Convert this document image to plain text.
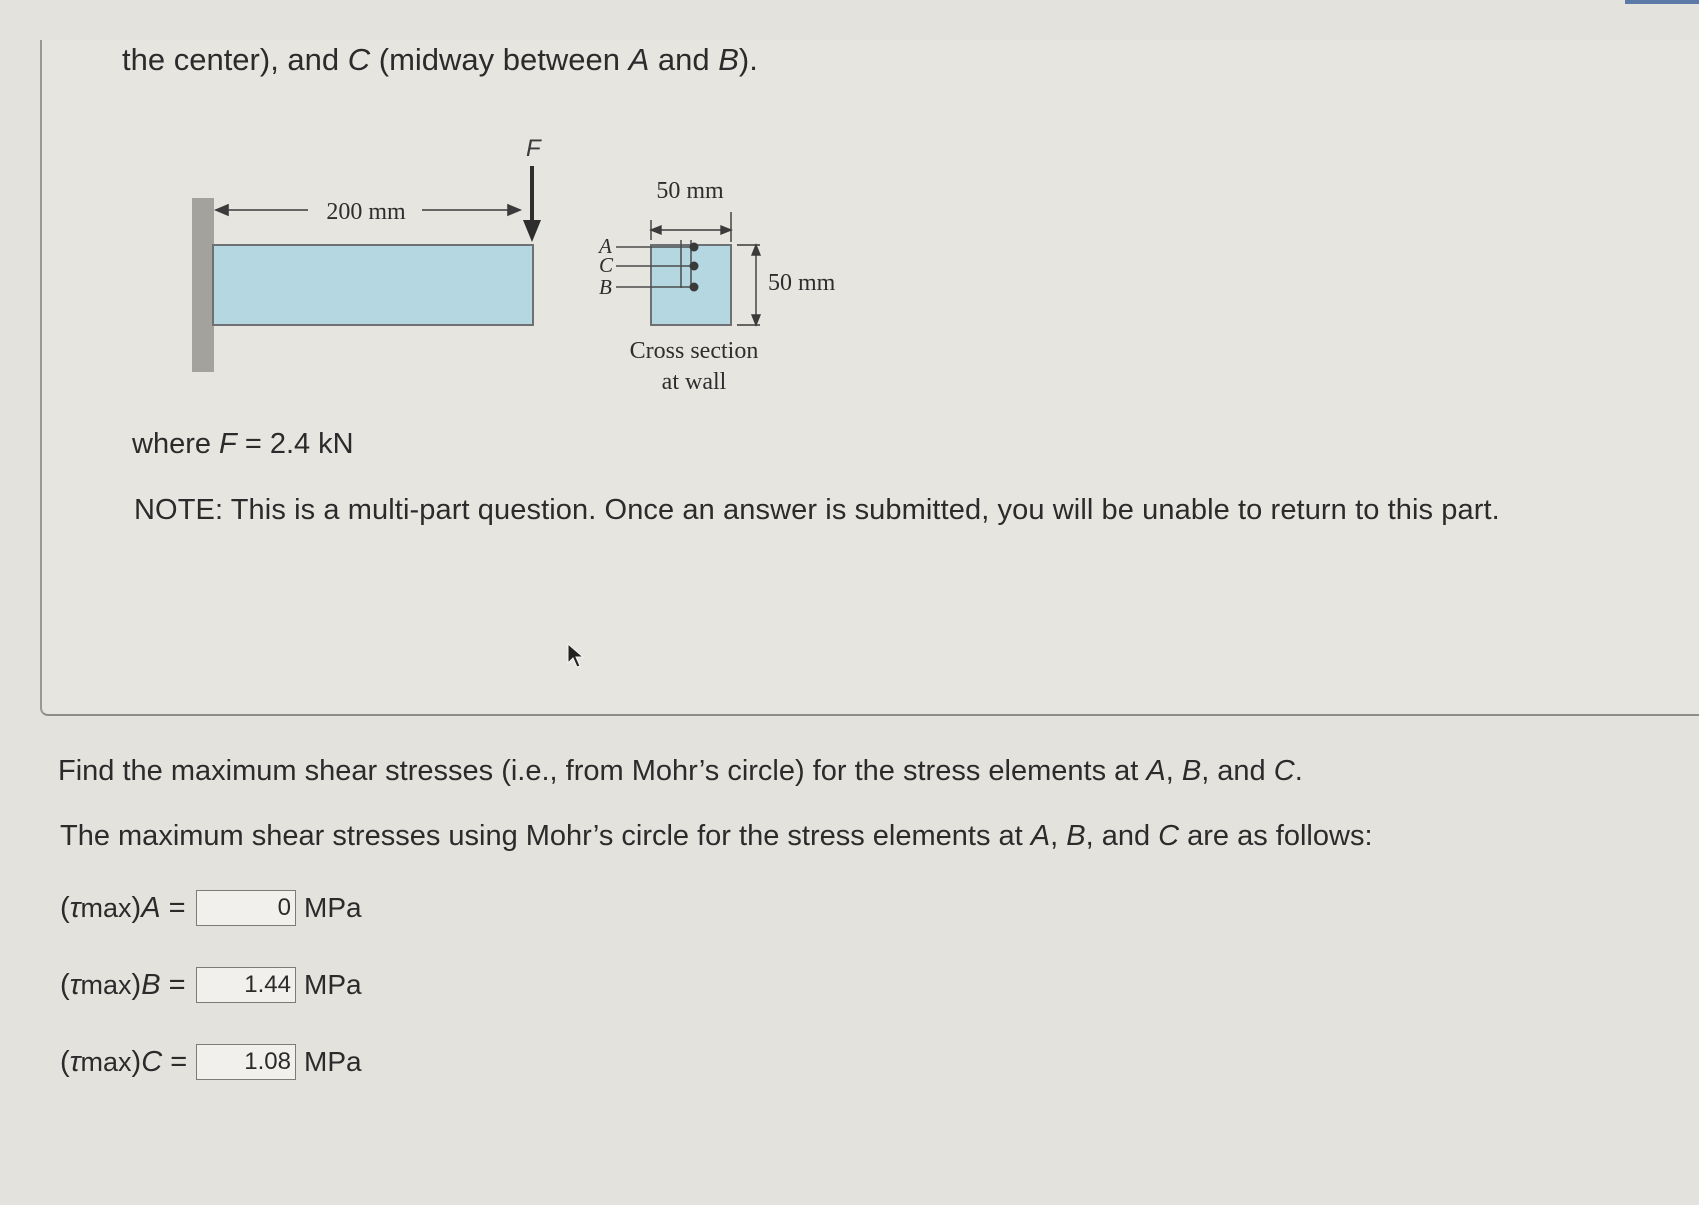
the center), and C (midway between A and B).
200 mm
F
50 mm
50 mm
A
C
B
Cross section
at wall
where F = 2.4 kN
NOTE: This is a multi-part question. Once an answer is submitted, you will be unable to return to this part.
Find the maximum shear stresses (i.e., from Mohr’s circle) for the stress elements at A, B, and C.
The maximum shear stresses using Mohr’s circle for the stress elements at A, B, and C are as follows:
(τmax)A =
0	MPa
(τmax)B =
1.44	MPa
(τmax)C =
1.08	MPa
